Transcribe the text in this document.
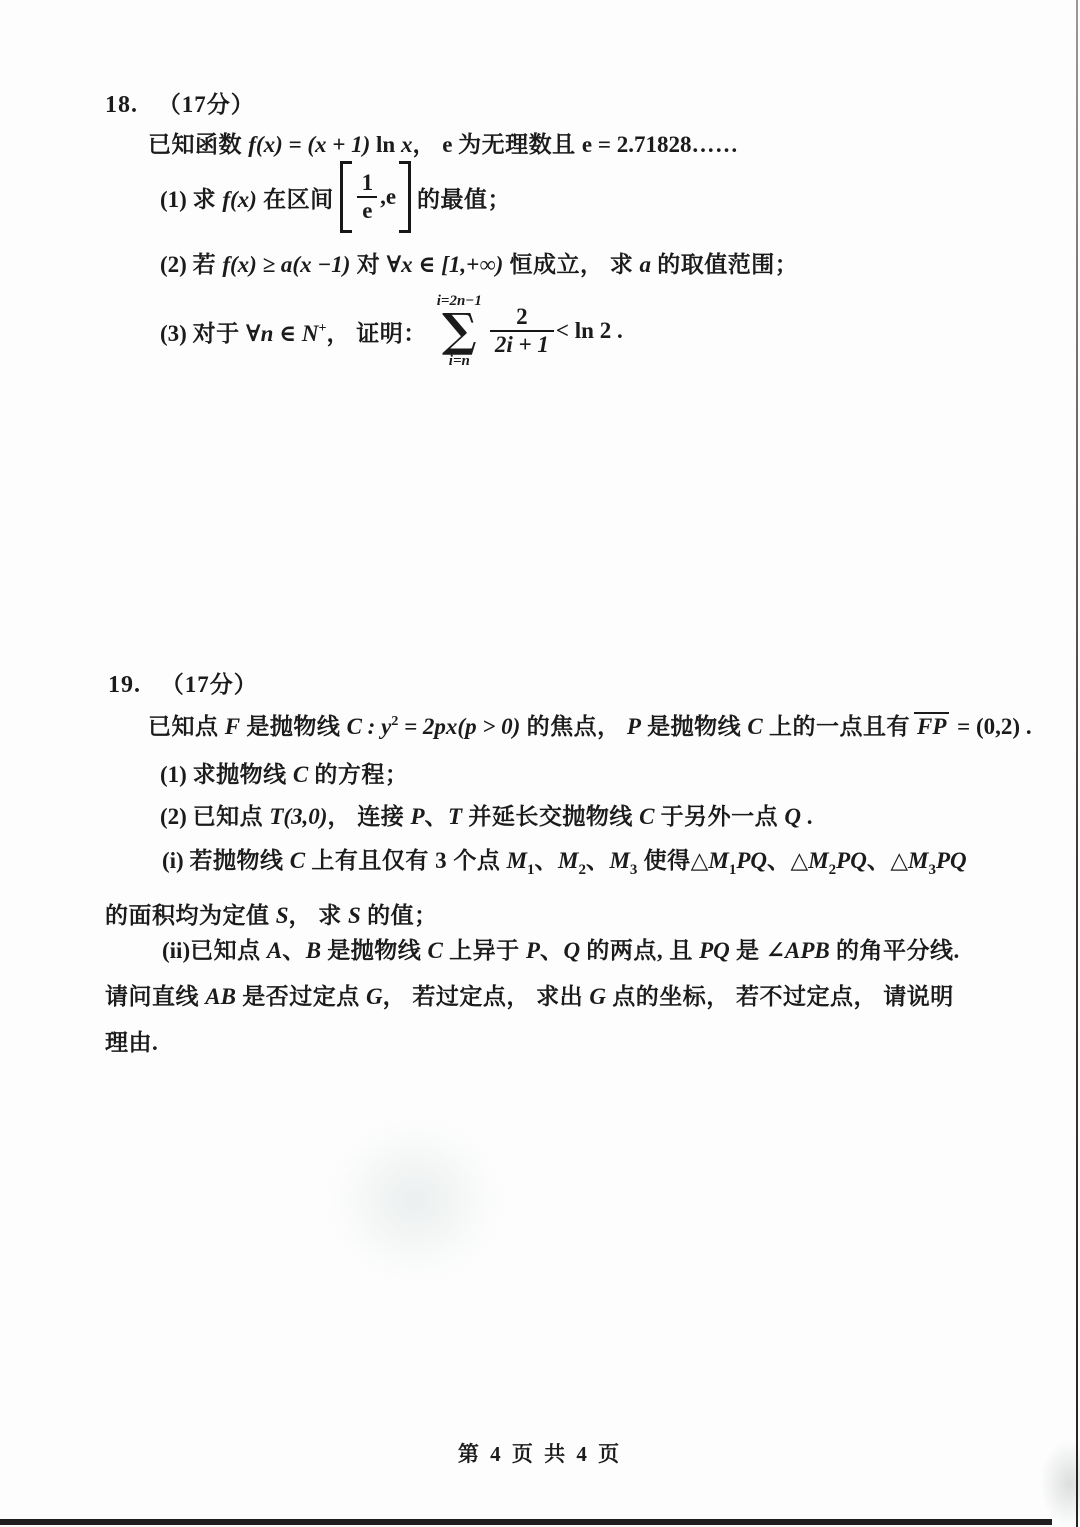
18. （17分）
已知函数 f(x) = (x + 1) ln x， e 为无理数且 e = 2.71828……
(1) 求 f(x) 在区间 $\frac{1}{e}$ , e 的最值；
(2) 若 f(x) ≥ a(x −1) 对 ∀x ∈ [1,+∞) 恒成立， 求 a 的取值范围；
(3) 对于 ∀n ∈ N+， 证明：
i=2n−1
∑
i=n
$\frac{2}{2i + 1} < \ln 2$ .
19. （17分）
已知点 F 是抛物线 C : $y^2 = 2px(p > 0)$ 的焦点， P 是抛物线 C 上的一点且有 FP = (0,2) .
(1) 求抛物线 C 的方程；
(2) 已知点 T(3,0)， 连接 P、T 并延长交抛物线 C 于另外一点 Q .
(i) 若抛物线 C 上有且仅有 3 个点 $M_1$、$M_2$、$M_3$ 使得$\triangle M_1PQ$、$\triangle M_2PQ$、$\triangle M_3PQ$ 的面积均为定值 S， 求 S 的值；
(ii)已知点 A、B 是抛物线 C 上异于 P、Q 的两点, 且 PQ 是 ∠APB 的角平分线. 请问直线 AB 是否过定点 G， 若过定点， 求出 G 点的坐标， 若不过定点， 请说明理由.
第 4 页 共 4 页
